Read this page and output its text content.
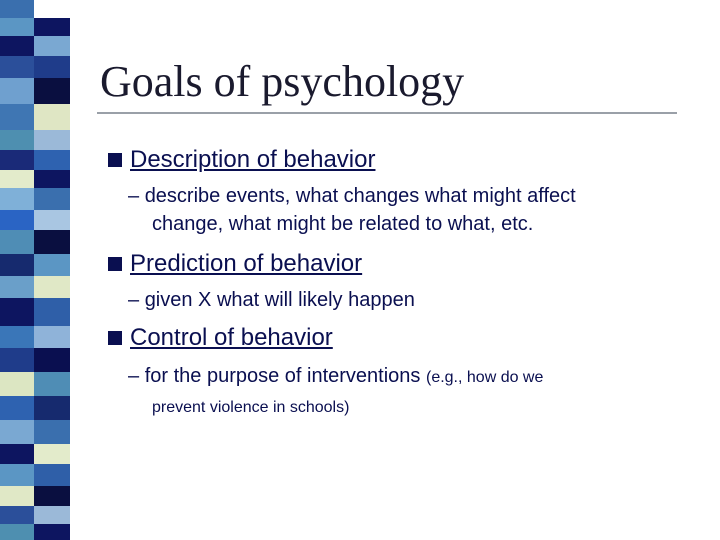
Goals of psychology
Description of behavior
– describe events, what changes what might affect
change, what might be related to what, etc.
Prediction of behavior
– given X what will likely happen
Control of behavior
– for the purpose of interventions (e.g., how do we
prevent violence in schools)
